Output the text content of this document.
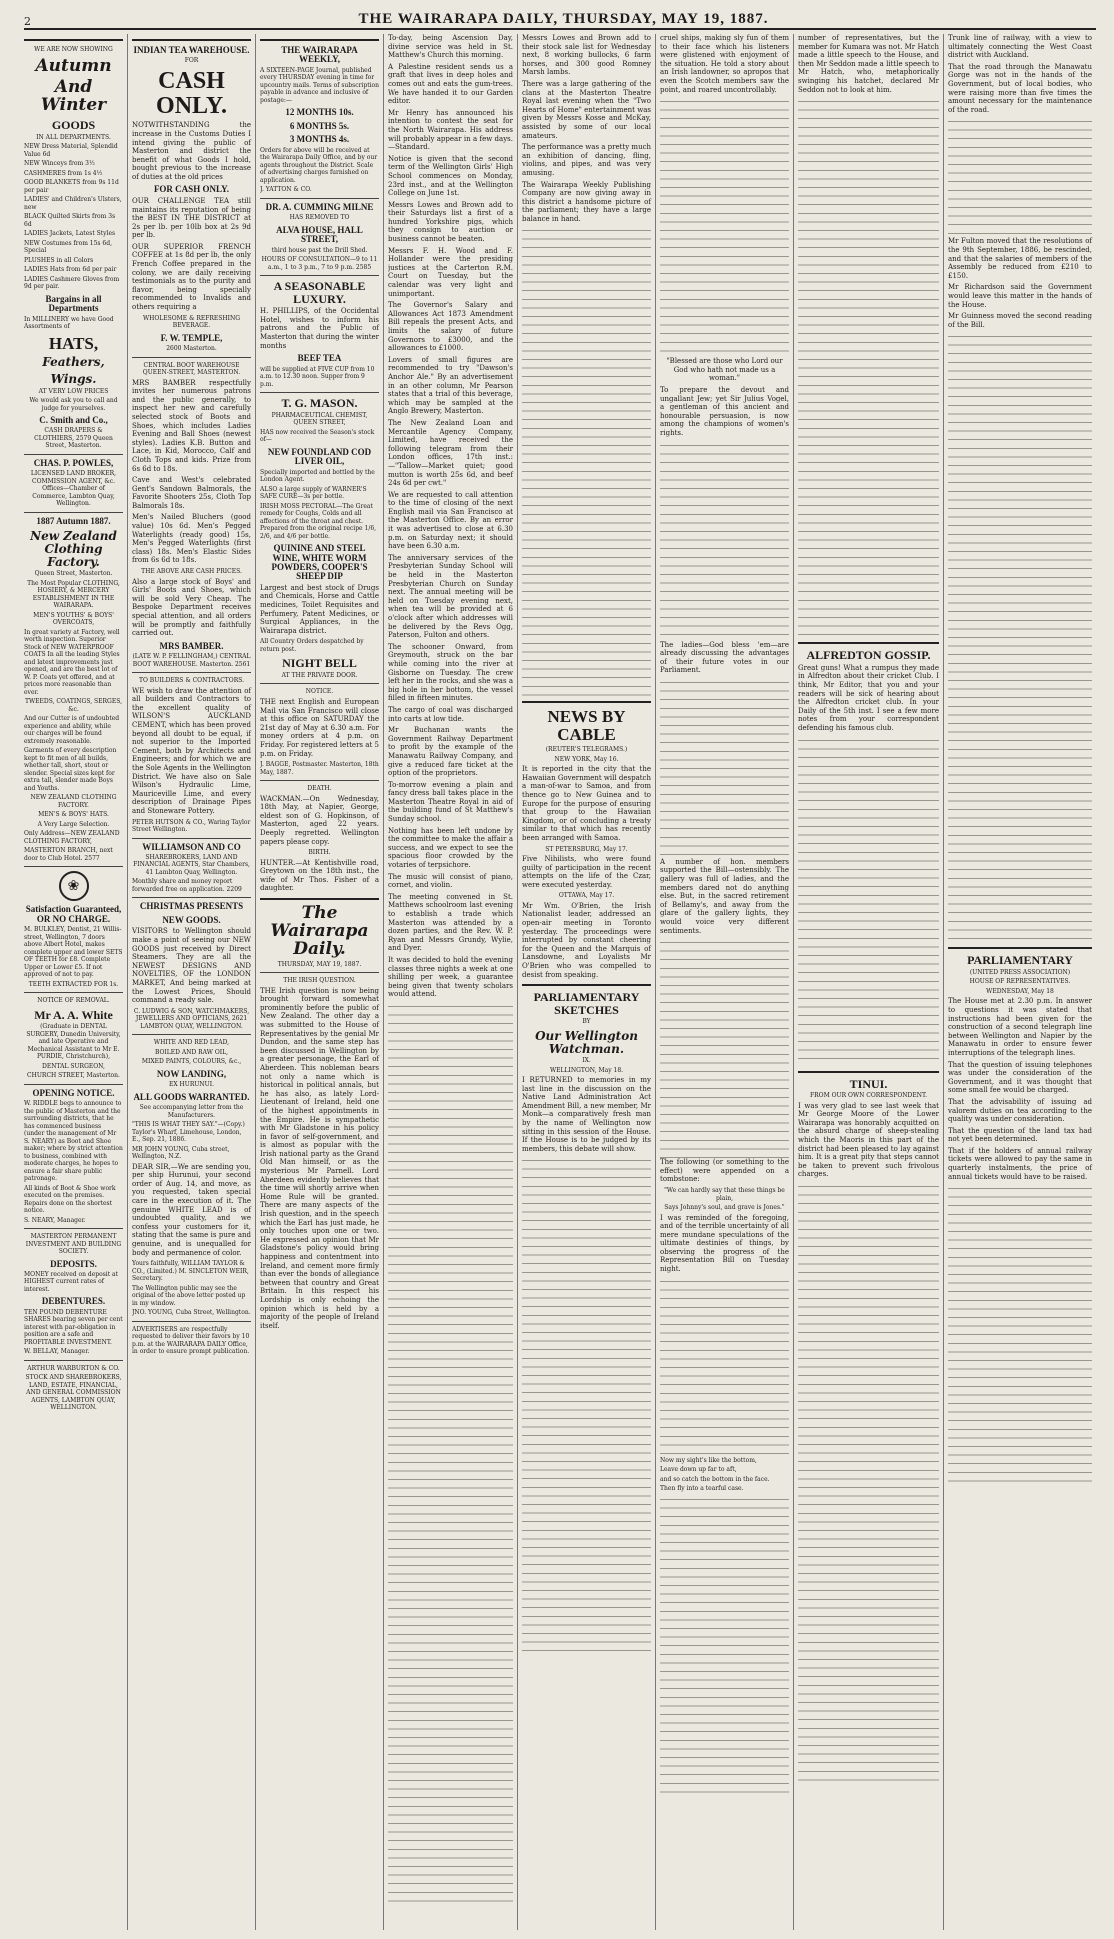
2	THE WAIRARAPA DAILY, THURSDAY, MAY 19, 1887.
WE ARE NOW SHOWING
Autumn
And Winter
GOODS
IN ALL DEPARTMENTS.
NEW Dress Material, Splendid Value 6d
NEW Winceys from 3½
CASHMERES from 1s 4½
GOOD BLANKETS from 9s 11d per pair
LADIES' and Children's Ulsters, new
BLACK Quilted Skirts from 3s 6d
LADIES Jackets, Latest Styles
NEW Costumes from 15s 6d, Special
PLUSHES in all Colors
LADIES Hats from 6d per pair
LADIES Cashmere Gloves from 9d per pair.
Bargains in all Departments
In MILLINERY we have Good Assortments of
HATS,
Feathers,
Wings.
AT VERY LOW PRICES
We would ask you to call and judge for yourselves.
C. Smith and Co.,
CASH DRAPERS & CLOTHIERS, 2579 Queen Street, Masterton.
CHAS. P. POWLES,
LICENSED LAND BROKER, COMMISSION AGENT, &c. Offices—Chamber of Commerce, Lambton Quay, Wellington.
1887 Autumn 1887.
New Zealand Clothing Factory.
Queen Street, Masterton.
The Most Popular CLOTHING, HOSIERY, & MERCERY ESTABLISHMENT IN THE WAIRARAPA.
MEN'S YOUTHS' & BOYS' OVERCOATS,

In great variety at Factory, well worth inspection. Superior Stock of NEW WATERPROOF COATS In all the leading Styles and latest improvements just opened, and are the best lot of W. P. Coats yet offered, and at prices more reasonable than ever.

TWEEDS, COATINGS, SERGES, &c.

And our Cutter is of undoubted experience and ability, while our charges will be found extremely reasonable.

Garments of every description kept to fit men of all builds, whether tall, short, stout or slender. Special sizes kept for extra tall, slender made Boys and Youths.

NEW ZEALAND CLOTHING FACTORY.
MEN'S & BOYS' HATS.
A Very Large Selection.
Only Address—NEW ZEALAND CLOTHING FACTORY,
MASTERTON BRANCH, next door to Club Hotel. 2577
❀
Satisfaction Guaranteed, OR NO CHARGE.

M. BULKLEY, Dentist, 21 Willis-street, Wellington, 7 doors above Albert Hotel, makes complete upper and lower SETS OF TEETH for £8. Complete Upper or Lower £5. If not approved of not to pay.

TEETH EXTRACTED FOR 1s.
NOTICE OF REMOVAL.
Mr A. A. White
(Graduate in DENTAL SURGERY, Dunedin University, and late Operative and Mechanical Assistant to Mr E. PURDIE, Christchurch),
DENTAL SURGEON,
CHURCH STREET, Masterton.
OPENING NOTICE.

W. RIDDLE begs to announce to the public of Masterton and the surrounding districts, that he has commenced business (under the management of Mr S. NEARY) as Boot and Shoe maker; where by strict attention to business, combined with moderate charges, he hopes to ensure a fair share public patronage.

All kinds of Boot & Shoe work executed on the premises. Repairs done on the shortest notice.

S. NEARY, Manager.
MASTERTON PERMANENT INVESTMENT AND BUILDING SOCIETY.
DEPOSITS.

MONEY received on deposit at HIGHEST current rates of interest.

DEBENTURES.

TEN POUND DEBENTURE SHARES bearing seven per cent interest with par-obligation in position are a safe and PROFITABLE INVESTMENT.

W. BELLAY, Manager.
ARTHUR WARBURTON & CO.
STOCK AND SHAREBROKERS, LAND, ESTATE, FINANCIAL, AND GENERAL COMMISSION AGENTS, LAMBTON QUAY, WELLINGTON.
INDIAN TEA WAREHOUSE.
FOR
CASH ONLY.

NOTWITHSTANDING the increase in the Customs Duties I intend giving the public of Masterton and district the benefit of what Goods I hold, bought previous to the increase of duties at the old prices

FOR CASH ONLY.

OUR CHALLENGE TEA still maintains its reputation of being the BEST IN THE DISTRICT at 2s per lb. per 10lb box at 2s 9d per lb.

OUR SUPERIOR FRENCH COFFEE at 1s 8d per lb, the only French Coffee prepared in the colony, we are daily receiving testimonials as to the purity and flavor, being specially recommended to Invalids and others requiring a

WHOLESOME & REFRESHING BEVERAGE.
F. W. TEMPLE,
2600 Masterton.
CENTRAL BOOT WAREHOUSE QUEEN-STREET, MASTERTON.

MRS BAMBER respectfully invites her numerous patrons and the public generally, to inspect her new and carefully selected stock of Boots and Shoes, which includes Ladies Evening and Ball Shoes (newest styles). Ladies K.B. Button and Lace, in Kid, Morocco, Calf and Cloth Tops and kids. Prize from 6s 6d to 18s.

Cave and West's celebrated Gent's Sandown Balmorals, the Favorite Shooters 25s, Cloth Top Balmorals 18s.

Men's Nailed Bluchers (good value) 10s 6d. Men's Pegged Waterlights (ready good) 15s, Men's Pegged Waterlights (first class) 18s. Men's Elastic Sides from 6s 6d to 18s.

THE ABOVE ARE CASH PRICES.

Also a large stock of Boys' and Girls' Boots and Shoes, which will be sold Very Cheap. The Bespoke Department receives special attention, and all orders will be promptly and faithfully carried out.

MRS BAMBER.
(LATE W. P. FELLINGHAM,) CENTRAL BOOT WAREHOUSE. Masterton. 2561
TO BUILDERS & CONTRACTORS.

WE wish to draw the attention of all builders and Contractors to the excellent quality of WILSON'S AUCKLAND CEMENT, which has been proved beyond all doubt to be equal, if not superior to the Imported Cement, both by Architects and Engineers; and for which we are the Sole Agents in the Wellington District. We have also on Sale Wilson's Hydraulic Lime, Mauriceville Lime, and every description of Drainage Pipes and Stoneware Pottery.

PETER HUTSON & CO., Waring Taylor Street Wellington.
WILLIAMSON AND CO
SHAREBROKERS, LAND AND FINANCIAL AGENTS, Star Chambers, 41 Lambton Quay, Wellington.

Monthly share and money report forwarded free on application. 2209

CHRISTMAS PRESENTS
NEW GOODS.

VISITORS to Wellington should make a point of seeing our NEW GOODS just received by Direct Steamers. They are all the NEWEST DESIGNS AND NOVELTIES, OF the LONDON MARKET, And being marked at the Lowest Prices, Should command a ready sale.

C. LUDWIG & SON, WATCHMAKERS, JEWELLERS AND OPTICIANS, 2621 LAMBTON QUAY, WELLINGTON.
WHITE AND RED LEAD,
BOILED AND RAW OIL,
MIXED PAINTS, COLOURS, &c.,
NOW LANDING,
EX HURUNUI.
ALL GOODS WARRANTED.
See accompanying letter from the Manufacturers.

"THIS IS WHAT THEY SAY."—(Copy.) Taylor's Wharf, Limehouse, London, E., Sep. 21, 1886.

MR JOHN YOUNG, Cuba street, Wellington, N.Z.

DEAR SIR,—We are sending you, per ship Hurunui, your second order of Aug. 14, and move, as you requested, taken special care in the execution of it. The genuine WHITE LEAD is of undoubted quality, and we confess your customers for it, stating that the same is pure and genuine, and is unequalled for body and permanence of color.

Yours faithfully, WILLIAM TAYLOR & CO., (Limited.) M. SINCLETON WEIR, Secretary.

The Wellington public may see the original of the above letter posted up in my window.

JNO. YOUNG, Cuba Street, Wellington.

ADVERTISERS are respectfully requested to deliver their favors by 10 p.m. at the WAIRARAPA DAILY Office, in order to ensure prompt publication.

THE WAIRARAPA WEEKLY,

A SIXTEEN-PAGE Journal, published every THURSDAY evening in time for upcountry mails. Terms of subscription payable in advance and inclusive of postage:—

12 MONTHS 10s.
6 MONTHS 5s.
3 MONTHS 4s.

Orders for above will be received at the Wairarapa Daily Office, and by our agents throughout the District. Scale of advertising charges furnished on application.

J. YATTON & CO.
DR. A. CUMMING MILNE
HAS REMOVED TO
ALVA HOUSE, HALL STREET,
third house past the Drill Shed.
HOURS OF CONSULTATION—9 to 11 a.m., 1 to 3 p.m., 7 to 9 p.m. 2585
A SEASONABLE LUXURY.

H. PHILLIPS, of the Occidental Hotel, wishes to inform his patrons and the Public of Masterton that during the winter months

BEEF TEA

will be supplied at FIVE CUP from 10 a.m. to 12.30 noon. Supper from 9 p.m.

T. G. MASON.
PHARMACEUTICAL CHEMIST, QUEEN STREET,

HAS now received the Season's stock of—

NEW FOUNDLAND COD LIVER OIL,

Specially imported and bottled by the London Agent.

ALSO a large supply of WARNER'S SAFE CURE—3s per bottle.

IRISH MOSS PECTORAL—The Great remedy for Coughs, Colds and all affections of the throat and chest. Prepared from the original recipe 1/6, 2/6, and 4/6 per bottle.

QUININE AND STEEL WINE, WHITE WORM POWDERS, COOPER'S SHEEP DIP

Largest and best stock of Drugs and Chemicals, Horse and Cattle medicines, Toilet Requisites and Perfumery, Patent Medicines, or Surgical Appliances, in the Wairarapa district.

All Country Orders despatched by return post.

NIGHT BELL
AT THE PRIVATE DOOR.
NOTICE.

THE next English and European Mail via San Francisco will close at this office on SATURDAY the 21st day of May at 6.30 a.m. For money orders at 4 p.m. on Friday. For registered letters at 5 p.m. on Friday.

J. BAGGE, Postmaster. Masterton, 18th May, 1887.

DEATH.

WACKMAN.—On Wednesday, 18th May, at Napier, George, eldest son of G. Hopkinson, of Masterton, aged 22 years. Deeply regretted. Wellington papers please copy.

BIRTH.

HUNTER.—At Kentishville road, Greytown on the 18th inst., the wife of Mr Thos. Fisher of a daughter.

The Wairarapa Daily.
THURSDAY, MAY 19, 1887.
THE IRISH QUESTION.

THE Irish question is now being brought forward somewhat prominently before the public of New Zealand. The other day a was submitted to the House of Representatives by the genial Mr Dundon, and the same step has been discussed in Wellington by a greater personage, the Earl of Aberdeen. This nobleman bears not only a name which is historical in political annals, but he has also, as lately Lord-Lieutenant of Ireland, held one of the highest appointments in the Empire. He is sympathetic with Mr Gladstone in his policy in favor of self-government, and is almost as popular with the Irish national party as the Grand Old Man himself, or as the mysterious Mr Parnell. Lord Aberdeen evidently believes that the time will shortly arrive when Home Rule will be granted. There are many aspects of the Irish question, and in the speech which the Earl has just made, he only touches upon one or two. He expressed an opinion that Mr Gladstone's policy would bring happiness and contentment into Ireland, and cement more firmly than ever the bonds of allegiance between that country and Great Britain. In this respect his Lordship is only echoing the opinion which is held by a majority of the people of Ireland itself.

To-day, being Ascension Day, divine service was held in St. Matthew's Church this morning.

A Palestine resident sends us a graft that lives in deep holes and comes out and eats the gum-trees. We have handed it to our Garden editor.

Mr Henry has announced his intention to contest the seat for the North Wairarapa. His address will probably appear in a few days.—Standard.

Notice is given that the second term of the Wellington Girls' High School commences on Monday, 23rd inst., and at the Wellington College on June 1st.

Messrs Lowes and Brown add to their Saturdays list a first of a hundred Yorkshire pigs, which they consign to auction or business cannot be beaten.

Messrs F. H. Wood and F. Hollander were the presiding justices at the Carterton R.M. Court on Tuesday, but the calendar was very light and unimportant.

The Governor's Salary and Allowances Act 1873 Amendment Bill repeals the present Acts, and limits the salary of future Governors to £3000, and the allowances to £1000.

Lovers of small figures are recommended to try "Dawson's Anchor Ale." By an advertisement in an other column, Mr Pearson states that a trial of this beverage, which may be sampled at the Anglo Brewery, Masterton.

The New Zealand Loan and Mercantile Agency Company, Limited, have received the following telegram from their London offices, 17th inst.:—"Tallow—Market quiet; good mutton is worth 25s 6d, and beef 24s 6d per cwt."

We are requested to call attention to the time of closing of the next English mail via San Francisco at the Masterton Office. By an error it was advertised to close at 6.30 p.m. on Saturday next; it should have been 6.30 a.m.

The anniversary services of the Presbyterian Sunday School will be held in the Masterton Presbyterian Church on Sunday next. The annual meeting will be held on Tuesday evening next, when tea will be provided at 6 o'clock after which addresses will be delivered by the Revs Ogg, Paterson, Fulton and others.

The schooner Onward, from Greymouth, struck on the bar while coming into the river at Gisborne on Tuesday. The crew left her in the rocks, and she was a big hole in her bottom, the vessel filled in fifteen minutes.

The cargo of coal was discharged into carts at low tide.

Mr Buchanan wants the Government Railway Department to profit by the example of the Manawatu Railway Company, and give a reduced fare ticket at the option of the proprietors.

To-morrow evening a plain and fancy dress ball takes place in the Masterton Theatre Royal in aid of the building fund of St Matthew's Sunday school.

Nothing has been left undone by the committee to make the affair a success, and we expect to see the spacious floor crowded by the votaries of terpsichore.

The music will consist of piano, cornet, and violin.

The meeting convened in St. Matthews schoolroom last evening to establish a trade which Masterton was attended by a dozen parties, and the Rev. W. P. Ryan and Messrs Grundy, Wylie, and Dyer.

It was decided to hold the evening classes three nights a week at one shilling per week, a guarantee being given that twenty scholars would attend.

Messrs Lowes and Brown add to their stock sale list for Wednesday next, 8 working bullocks, 6 farm horses, and 300 good Romney Marsh lambs.

There was a large gathering of the clans at the Masterton Theatre Royal last evening when the "Two Hearts of Home" entertainment was given by Messrs Kosse and McKay, assisted by some of our local amateurs.

The performance was a pretty much an exhibition of dancing, fling, violins, and pipes, and was very amusing.

The Wairarapa Weekly Publishing Company are now giving away in this district a handsome picture of the parliament; they have a large balance in hand.

NEWS BY CABLE
(REUTER'S TELEGRAMS.)
NEW YORK, May 16.

It is reported in the city that the Hawaiian Government will despatch a man-of-war to Samoa, and from thence go to New Guinea and to Europe for the purpose of ensuring that group to the Hawaiian Kingdom, or of concluding a treaty similar to that which has recently been arranged with Samoa.

ST PETERSBURG, May 17.

Five Nihilists, who were found guilty of participation in the recent attempts on the life of the Czar, were executed yesterday.

OTTAWA, May 17.

Mr Wm. O'Brien, the Irish Nationalist leader, addressed an open-air meeting in Toronto yesterday. The proceedings were interrupted by constant cheering for the Queen and the Marquis of Lansdowne, and Loyalists Mr O'Brien who was compelled to desist from speaking.

PARLIAMENTARY SKETCHES
BY
Our Wellington Watchman.
IX.
WELLINGTON, May 18.

I RETURNED to memories in my last line in the discussion on the Native Land Administration Act Amendment Bill, a new member, Mr Monk—a comparatively fresh man by the name of Wellington now sitting in this session of the House. If the House is to be judged by its members, this debate will show.

cruel ships, making sly fun of them to their face which his listeners were glistened with enjoyment of the situation. He told a story about an Irish landowner, so apropos that even the Scotch members saw the point, and roared uncontrollably.

"Blessed are those who Lord our God who hath not made us a woman."

To prepare the devout and ungallant Jew; yet Sir Julius Vogel, a gentleman of this ancient and honourable persuasion, is now among the champions of women's rights.

The ladies—God bless 'em—are already discussing the advantages of their future votes in our Parliament.

A number of hon. members supported the Bill—ostensibly. The gallery was full of ladies, and the members dared not do anything else. But, in the sacred retirement of Bellamy's, and away from the glare of the gallery lights, they would voice very different sentiments.

The following (or something to the effect) were appended on a tombstone:

"We can hardly say that these things be plain,
Says Johnny's soul, and grave is Jones."

I was reminded of the foregoing, and of the terrible uncertainty of all mere mundane speculations of the ultimate destinies of things, by observing the progress of the Representation Bill on Tuesday night.

Now my sight's like the bottom,
Leave down up far to aft,
and so catch the bottom in the face.
Then fly into a tearful case.

number of representatives, but the member for Kumara was not. Mr Hatch made a little speech to the House, and then Mr Seddon made a little speech to Mr Hatch, who, metaphorically swinging his hatchet, declared Mr Seddon not to look at him.

ALFREDTON GOSSIP.

Great guns! What a rumpus they made in Alfredton about their cricket Club. I think, Mr Editor, that you and your readers will be sick of hearing about the Alfredton cricket club. In your Daily of the 5th inst. I see a few more notes from your correspondent defending his famous club.

TINUI.
FROM OUR OWN CORRESPONDENT.

I was very glad to see last week that Mr George Moore of the Lower Wairarapa was honorably acquitted on the absurd charge of sheep-stealing which the Maoris in this part of the district had been pleased to lay against him. It is a great pity that steps cannot be taken to prevent such frivolous charges.

Trunk line of railway, with a view to ultimately connecting the West Coast district with Auckland.

That the road through the Manawatu Gorge was not in the hands of the Government, but of local bodies, who were raising more than five times the amount necessary for the maintenance of the road.

Mr Fulton moved that the resolutions of the 9th September, 1886, be rescinded, and that the salaries of members of the Assembly be reduced from £210 to £150.

Mr Richardson said the Government would leave this matter in the hands of the House.

Mr Guinness moved the second reading of the Bill.

PARLIAMENTARY
(UNITED PRESS ASSOCIATION)
HOUSE OF REPRESENTATIVES.
WEDNESDAY, May 18

The House met at 2.30 p.m. In answer to questions it was stated that instructions had been given for the construction of a second telegraph line between Wellington and Napier by the Manawatu in order to ensure fewer interruptions of the telegraph lines.

That the question of issuing telephones was under the consideration of the Government, and it was thought that some small fee would be charged.

That the advisability of issuing ad valorem duties on tea according to the quality was under consideration.

That the question of the land tax had not yet been determined.

That if the holders of annual railway tickets were allowed to pay the same in quarterly instalments, the price of annual tickets would have to be raised.
